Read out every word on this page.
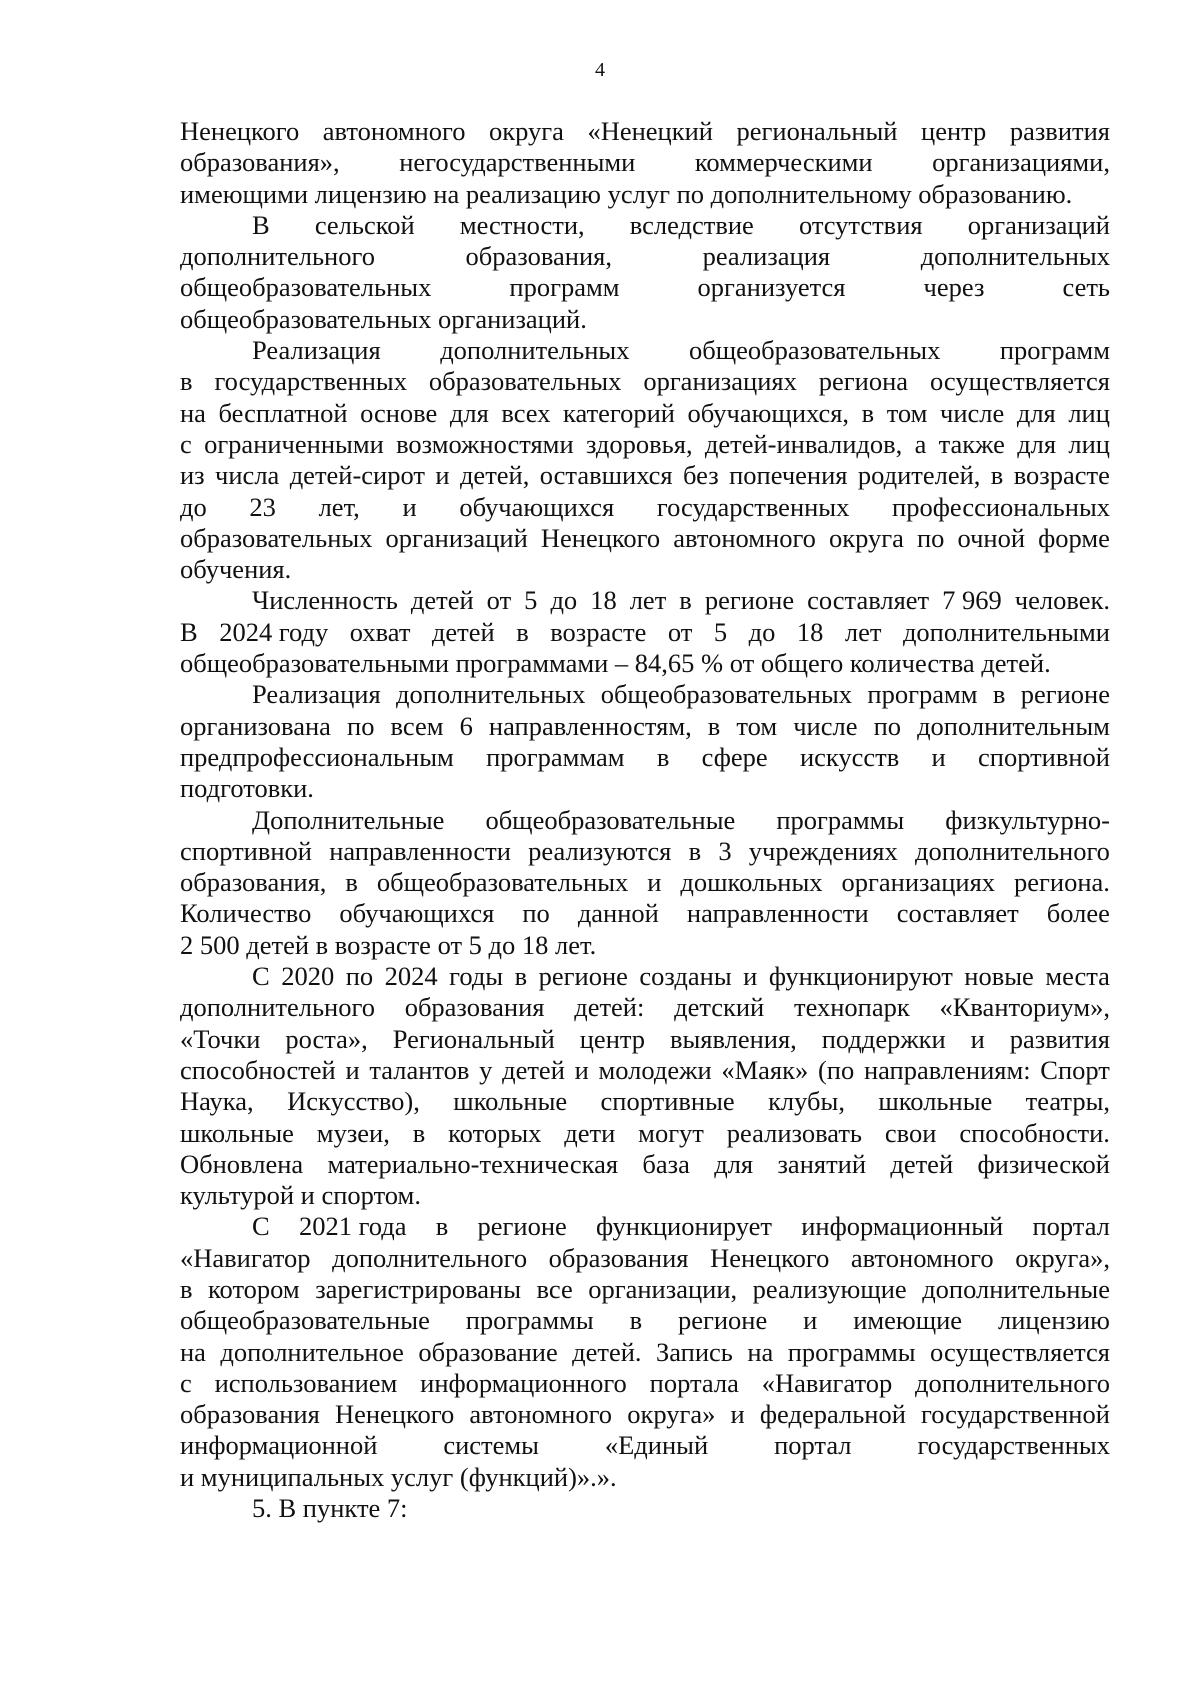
4
Ненецкого автономного округа «Ненецкий региональный центр развития
образования», негосударственными коммерческими организациями,
имеющими лицензию на реализацию услуг по дополнительному образованию.
В сельской местности, вследствие отсутствия организаций
дополнительного	образования,	реализация	дополнительных
общеобразовательных	программ	организуется	через	сеть
общеобразовательных организаций.
Реализация дополнительных общеобразовательных программ
в государственных образовательных организациях региона осуществляется
на бесплатной основе для всех категорий обучающихся, в том числе для лиц
с ограниченными возможностями здоровья, детей-инвалидов, а также для лиц
из числа детей-сирот и детей, оставшихся без попечения родителей, в возрасте
до 23 лет, и обучающихся государственных профессиональных
образовательных организаций Ненецкого автономного округа по очной форме
обучения.
Численность детей от 5 до 18 лет в регионе составляет 7 969 человек.
В 2024 году охват детей в возрасте от 5 до 18 лет дополнительными
общеобразовательными программами – 84,65 % от общего количества детей.
Реализация дополнительных общеобразовательных программ в регионе
организована по всем 6 направленностям, в том числе по дополнительным
предпрофессиональным программам в сфере искусств и спортивной
подготовки.
Дополнительные общеобразовательные программы физкультурно-
спортивной направленности реализуются в 3 учреждениях дополнительного
образования, в общеобразовательных и дошкольных организациях региона.
Количество обучающихся по данной направленности составляет более
2 500 детей в возрасте от 5 до 18 лет.
С 2020 по 2024 годы в регионе созданы и функционируют новые места
дополнительного образования детей: детский технопарк «Кванториум»,
«Точки роста», Региональный центр выявления, поддержки и развития
способностей и талантов у детей и молодежи «Маяк» (по направлениям: Спорт
Наука, Искусство), школьные спортивные клубы, школьные театры,
школьные музеи, в которых дети могут реализовать свои способности.
Обновлена материально-техническая база для занятий детей физической
культурой и спортом.
С 2021 года в регионе функционирует информационный портал
«Навигатор дополнительного образования Ненецкого автономного округа»,
в котором зарегистрированы все организации, реализующие дополнительные
общеобразовательные программы в регионе и имеющие лицензию
на дополнительное образование детей. Запись на программы осуществляется
с использованием информационного портала «Навигатор дополнительного
образования Ненецкого автономного округа» и федеральной государственной
информационной системы «Единый портал государственных
и муниципальных услуг (функций)».».
5. В пункте 7:
